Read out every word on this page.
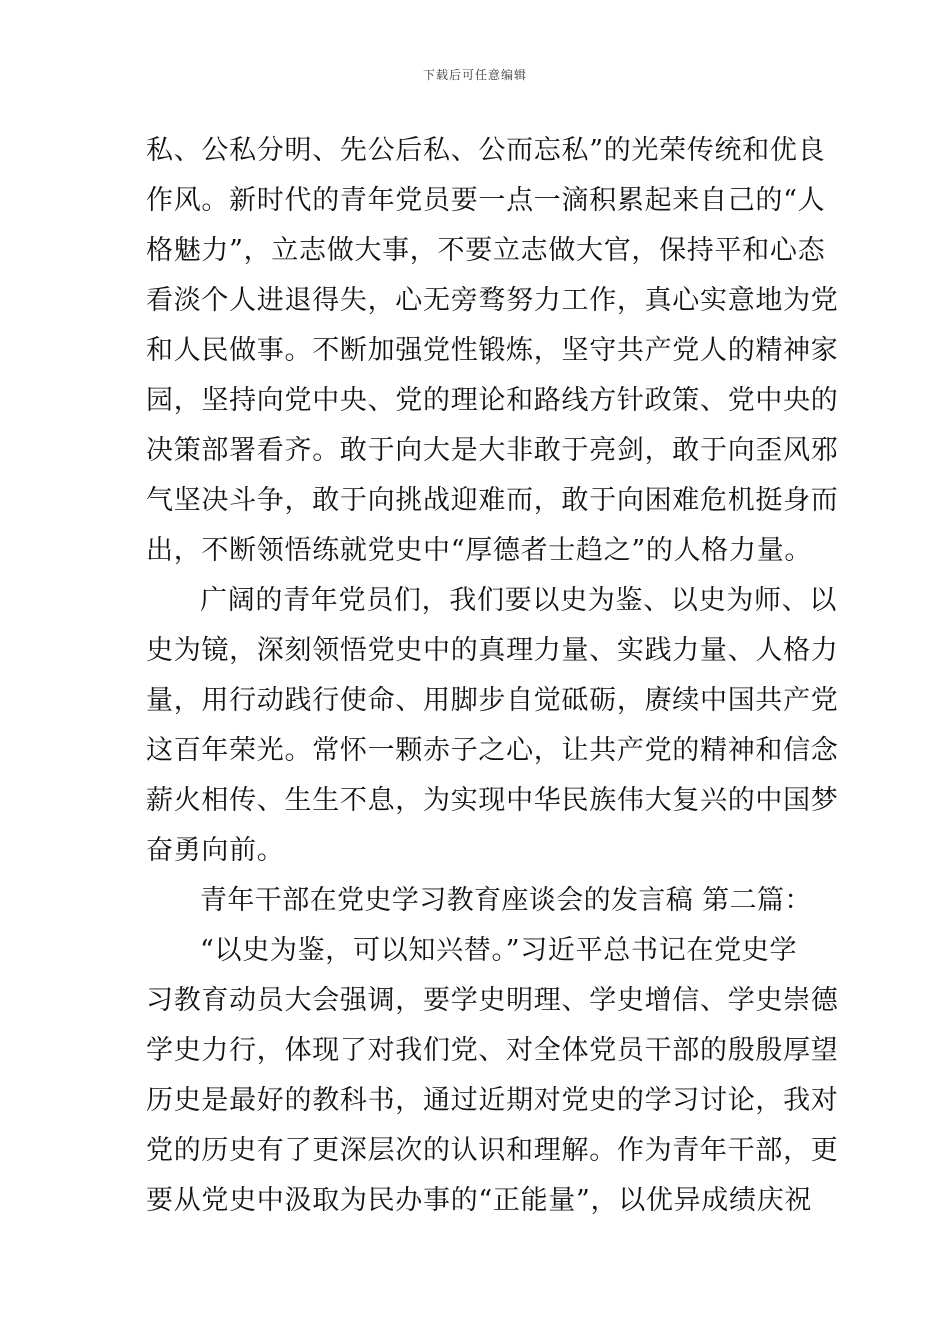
下载后可任意编辑
私、公私分明、先公后私、公而忘私”的光荣传统和优良
作风。新时代的青年党员要一点一滴积累起来自己的“人
格魅力”，立志做大事，不要立志做大官，保持平和心态
看淡个人进退得失，心无旁骛努力工作，真心实意地为党
和人民做事。不断加强党性锻炼，坚守共产党人的精神家
园，坚持向党中央、党的理论和路线方针政策、党中央的
决策部署看齐。敢于向大是大非敢于亮剑，敢于向歪风邪
气坚决斗争，敢于向挑战迎难而，敢于向困难危机挺身而
出，不断领悟练就党史中“厚德者士趋之”的人格力量。
广阔的青年党员们，我们要以史为鉴、以史为师、以
史为镜，深刻领悟党史中的真理力量、实践力量、人格力
量，用行动践行使命、用脚步自觉砥砺，赓续中国共产党
这百年荣光。常怀一颗赤子之心，让共产党的精神和信念
薪火相传、生生不息，为实现中华民族伟大复兴的中国梦
奋勇向前。
青年干部在党史学习教育座谈会的发言稿 第二篇：
“以史为鉴，可以知兴替。”习近平总书记在党史学
习教育动员大会强调，要学史明理、学史增信、学史崇德
学史力行，体现了对我们党、对全体党员干部的殷殷厚望
历史是最好的教科书，通过近期对党史的学习讨论，我对
党的历史有了更深层次的认识和理解。作为青年干部，更
要从党史中汲取为民办事的“正能量”，以优异成绩庆祝
